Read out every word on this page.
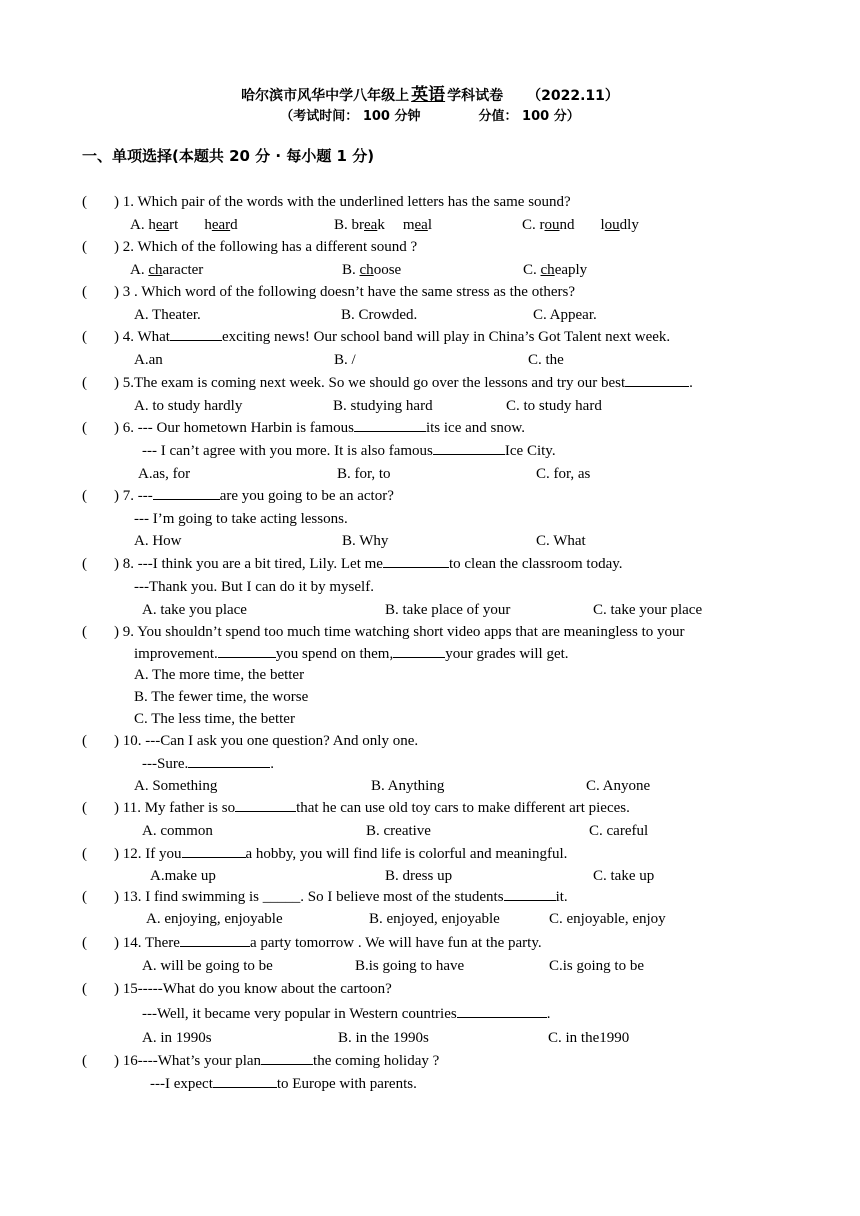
哈尔滨市风华中学八年级上 英语 学科试卷 （2022.11）
（考试时间： 100 分钟	分值： 100 分）
一、单项选择(本题共 20 分 · 每小题 1 分)
( ) 1. Which pair of the words with the underlined letters has the same sound?
A. heart heard	B. break meal	C. round loudly
( ) 2. Which of the following has a different sound ?
A. character	B. choose	C. cheaply
( ) 3 . Which word of the following doesn’t have the same stress as the others?
A. Theater.	B. Crowded.	C. Appear.
( ) 4. What	exciting news! Our school band will play in China’s Got Talent next week.
A.an	B. /	C. the
( ) 5.The exam is coming next week. So we should go over the lessons and try our best	.
A. to study hardly	B. studying hard	C. to study hard
( ) 6. --- Our hometown Harbin is famous	its ice and snow.
--- I can’t agree with you more. It is also famous	Ice City.
A.as, for	B. for, to	C. for, as
( ) 7. ---	are you going to be an actor?
--- I’m going to take acting lessons.
A. How	B. Why	C. What
( ) 8. ---I think you are a bit tired, Lily. Let me	to clean the classroom today.
---Thank you. But I can do it by myself.
A. take you place	B. take place of your	C. take your place
( ) 9. You shouldn’t spend too much time watching short video apps that are meaningless to your
improvement.	you spend on them,	your grades will get.
A. The more time, the better
B. The fewer time, the worse
C. The less time, the better
( ) 10. ---Can I ask you one question? And only one.
---Sure.	.
A. Something	B. Anything	C. Anyone
( ) 11. My father is so	that he can use old toy cars to make different art pieces.
A. common	B. creative	C. careful
( ) 12. If you	a hobby, you will find life is colorful and meaningful.
A.make up	B. dress up	C. take up
( ) 13. I find swimming is _____. So I believe most of the students	it.
A. enjoying, enjoyable	B. enjoyed, enjoyable	C. enjoyable, enjoy
( ) 14. There	a party tomorrow . We will have fun at the party.
A. will be going to be	B.is going to have	C.is going to be
( ) 15-----What do you know about the cartoon?
---Well, it became very popular in Western countries	.
A. in 1990s	B. in the 1990s	C. in the1990
( ) 16----What’s your plan	the coming holiday ?
---I expect	to Europe with parents.
